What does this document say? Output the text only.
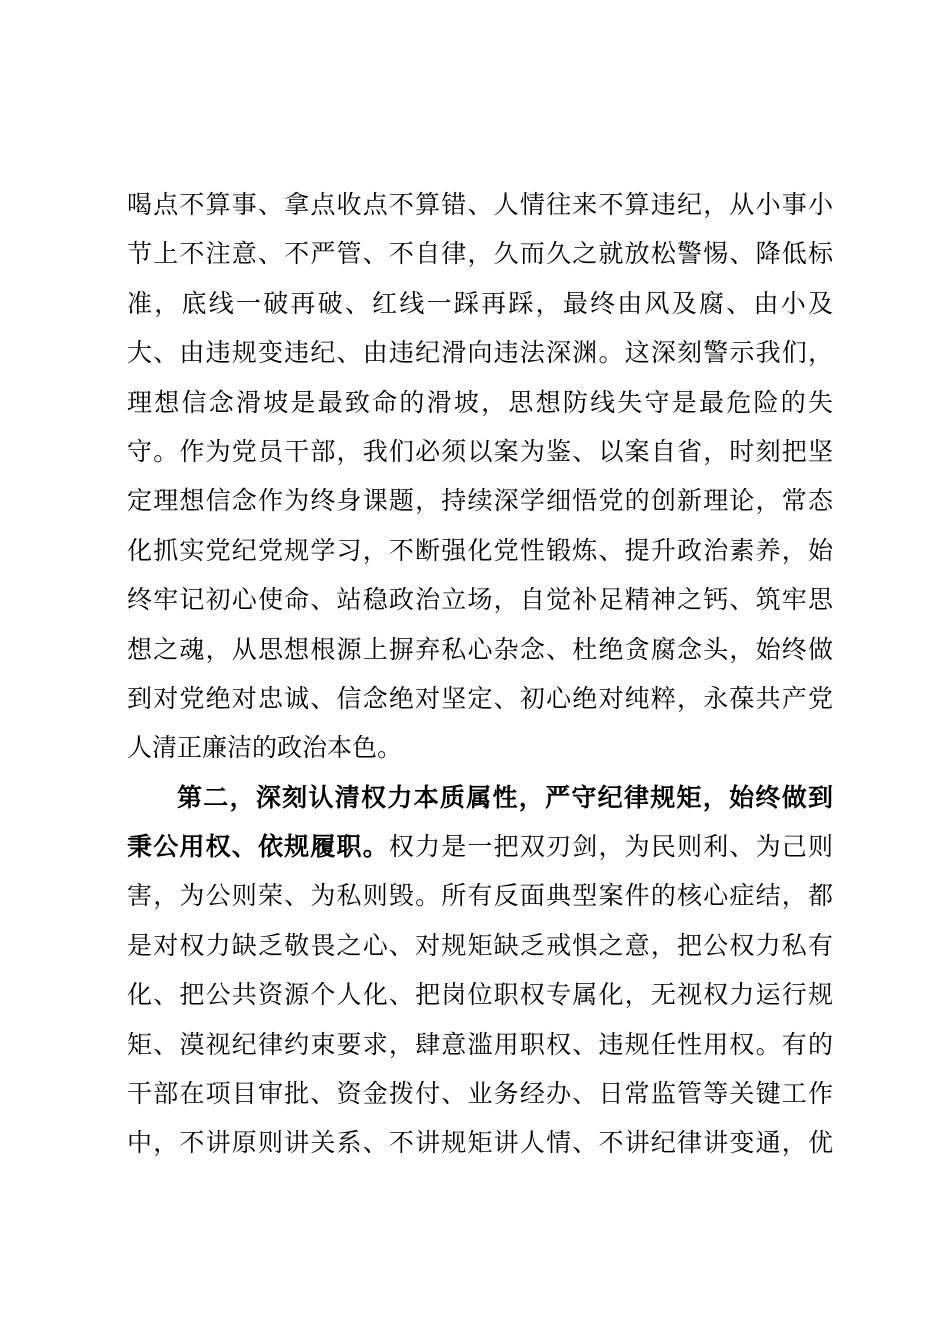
喝点不算事、拿点收点不算错、人情往来不算违纪，从小事小
节上不注意、不严管、不自律，久而久之就放松警惕、降低标
准，底线一破再破、红线一踩再踩，最终由风及腐、由小及
大、由违规变违纪、由违纪滑向违法深渊。这深刻警示我们，
理想信念滑坡是最致命的滑坡，思想防线失守是最危险的失
守。作为党员干部，我们必须以案为鉴、以案自省，时刻把坚
定理想信念作为终身课题，持续深学细悟党的创新理论，常态
化抓实党纪党规学习，不断强化党性锻炼、提升政治素养，始
终牢记初心使命、站稳政治立场，自觉补足精神之钙、筑牢思
想之魂，从思想根源上摒弃私心杂念、杜绝贪腐念头，始终做
到对党绝对忠诚、信念绝对坚定、初心绝对纯粹，永葆共产党
人清正廉洁的政治本色。
第二，深刻认清权力本质属性，严守纪律规矩，始终做到
秉公用权、依规履职。权力是一把双刃剑，为民则利、为己则
害，为公则荣、为私则毁。所有反面典型案件的核心症结，都
是对权力缺乏敬畏之心、对规矩缺乏戒惧之意，把公权力私有
化、把公共资源个人化、把岗位职权专属化，无视权力运行规
矩、漠视纪律约束要求，肆意滥用职权、违规任性用权。有的
干部在项目审批、资金拨付、业务经办、日常监管等关键工作
中，不讲原则讲关系、不讲规矩讲人情、不讲纪律讲变通，优
